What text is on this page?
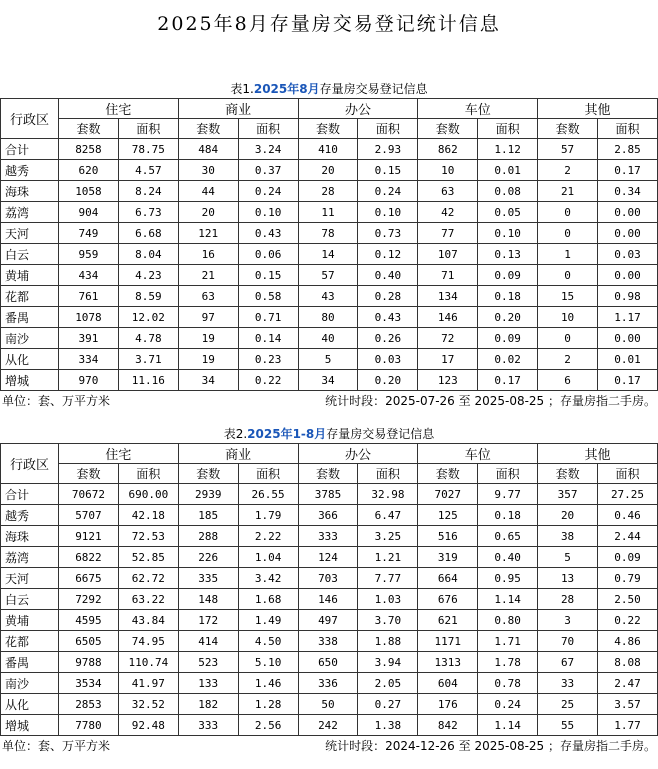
2025年8月存量房交易登记统计信息
表1.2025年8月存量房交易登记信息
行政区	住宅		商业		办公		车位		其他	
	套数	面积	套数	面积	套数	面积	套数	面积	套数	面积
合计	8258	78.75	484	3.24	410	2.93	862	1.12	57	2.85
越秀	620	4.57	30	0.37	20	0.15	10	0.01	2	0.17
海珠	1058	8.24	44	0.24	28	0.24	63	0.08	21	0.34
荔湾	904	6.73	20	0.10	11	0.10	42	0.05	0	0.00
天河	749	6.68	121	0.43	78	0.73	77	0.10	0	0.00
白云	959	8.04	16	0.06	14	0.12	107	0.13	1	0.03
黄埔	434	4.23	21	0.15	57	0.40	71	0.09	0	0.00
花都	761	8.59	63	0.58	43	0.28	134	0.18	15	0.98
番禺	1078	12.02	97	0.71	80	0.43	146	0.20	10	1.17
南沙	391	4.78	19	0.14	40	0.26	72	0.09	0	0.00
从化	334	3.71	19	0.23	5	0.03	17	0.02	2	0.01
增城	970	11.16	34	0.22	34	0.20	123	0.17	6	0.17
单位：套、万平方米	统计时段：2025-07-26 至 2025-08-25 ；存量房指二手房。
表2.2025年1-8月存量房交易登记信息
行政区	住宅		商业		办公		车位		其他	
	套数	面积	套数	面积	套数	面积	套数	面积	套数	面积
合计	70672	690.00	2939	26.55	3785	32.98	7027	9.77	357	27.25
越秀	5707	42.18	185	1.79	366	6.47	125	0.18	20	0.46
海珠	9121	72.53	288	2.22	333	3.25	516	0.65	38	2.44
荔湾	6822	52.85	226	1.04	124	1.21	319	0.40	5	0.09
天河	6675	62.72	335	3.42	703	7.77	664	0.95	13	0.79
白云	7292	63.22	148	1.68	146	1.03	676	1.14	28	2.50
黄埔	4595	43.84	172	1.49	497	3.70	621	0.80	3	0.22
花都	6505	74.95	414	4.50	338	1.88	1171	1.71	70	4.86
番禺	9788	110.74	523	5.10	650	3.94	1313	1.78	67	8.08
南沙	3534	41.97	133	1.46	336	2.05	604	0.78	33	2.47
从化	2853	32.52	182	1.28	50	0.27	176	0.24	25	3.57
增城	7780	92.48	333	2.56	242	1.38	842	1.14	55	1.77
单位：套、万平方米	统计时段：2024-12-26 至 2025-08-25 ；存量房指二手房。
